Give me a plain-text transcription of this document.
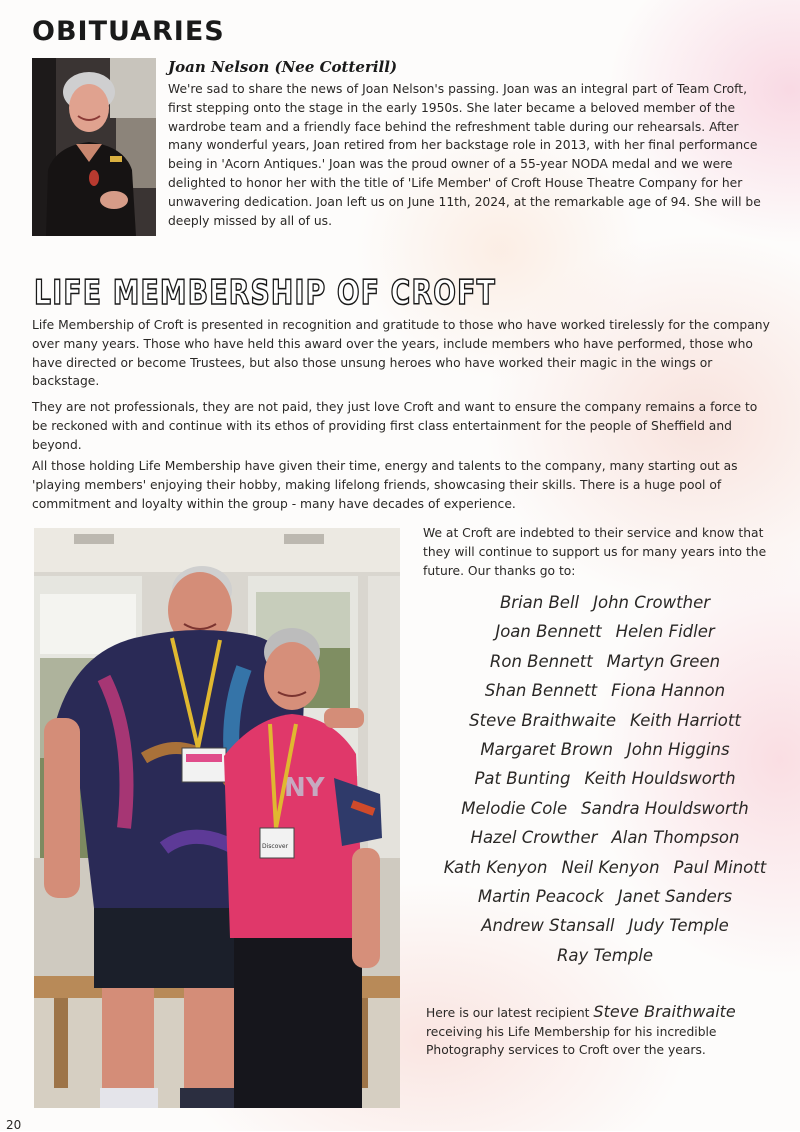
OBITUARIES
Joan Nelson (Nee Cotterill)

We're sad to share the news of Joan Nelson's passing. Joan was an integral part of Team Croft, first stepping onto the stage in the early 1950s. She later became a beloved member of the wardrobe team and a friendly face behind the refreshment table during our rehearsals. After many wonderful years, Joan retired from her backstage role in 2013, with her final performance being in 'Acorn Antiques.' Joan was the proud owner of a 55-year NODA medal and we were delighted to honor her with the title of 'Life Member' of Croft House Theatre Company for her unwavering dedication. Joan left us on June 11th, 2024, at the remarkable age of 94. She will be deeply missed by all of us.

LIFE MEMBERSHIP OF CROFT

Life Membership of Croft is presented in recognition and gratitude to those who have worked tirelessly for the company over many years. Those who have held this award over the years, include members who have performed, those who have directed or become Trustees, but also those unsung heroes who have worked their magic in the wings or backstage.

They are not professionals, they are not paid, they just love Croft and want to ensure the company remains a force to be reckoned with and continue with its ethos of providing first class entertainment for the people of Sheffield and beyond.

All those holding Life Membership have given their time, energy and talents to the company, many starting out as 'playing members' enjoying their hobby, making lifelong friends, showcasing their skills. There is a huge pool of commitment and loyalty within the group - many have decades of experience.

NY
Discover

We at Croft are indebted to their service and know that they will continue to support us for many years into the future. Our thanks go to:

Brian Bell John Crowther
Joan Bennett Helen Fidler
Ron Bennett Martyn Green
Shan Bennett Fiona Hannon
Steve Braithwaite Keith Harriott
Margaret Brown John Higgins
Pat Bunting Keith Houldsworth
Melodie Cole Sandra Houldsworth
Hazel Crowther Alan Thompson
Kath Kenyon Neil Kenyon Paul Minott
Martin Peacock Janet Sanders
Andrew Stansall Judy Temple
Ray Temple

Here is our latest recipient Steve Braithwaite receiving his Life Membership for his incredible Photography services to Croft over the years.

20
